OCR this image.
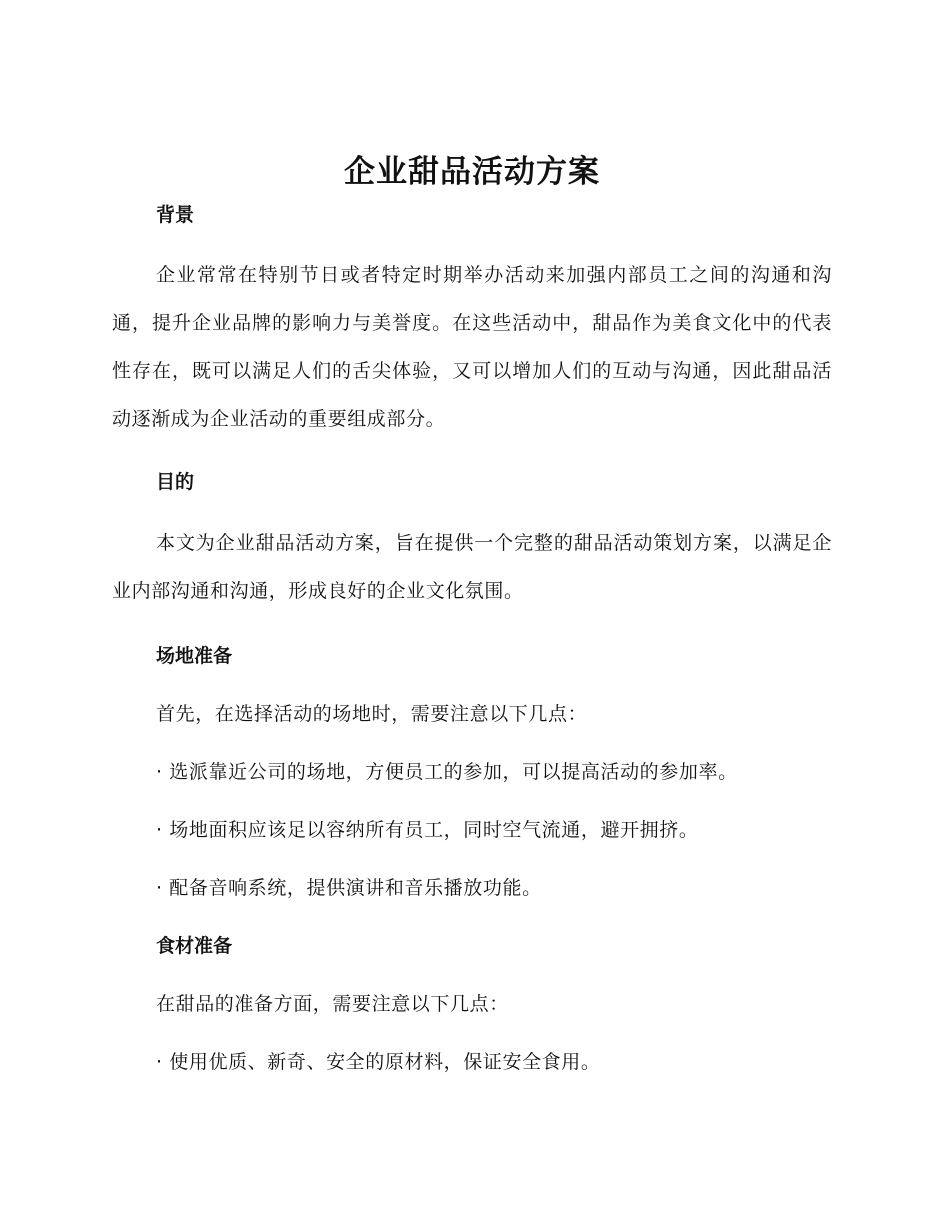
企业甜品活动方案
背景

企业常常在特别节日或者特定时期举办活动来加强内部员工之间的沟通和沟通，提升企业品牌的影响力与美誉度。在这些活动中，甜品作为美食文化中的代表性存在，既可以满足人们的舌尖体验，又可以增加人们的互动与沟通，因此甜品活动逐渐成为企业活动的重要组成部分。

目的

本文为企业甜品活动方案，旨在提供一个完整的甜品活动策划方案，以满足企业内部沟通和沟通，形成良好的企业文化氛围。

场地准备

首先，在选择活动的场地时，需要注意以下几点：

· 选派靠近公司的场地，方便员工的参加，可以提高活动的参加率。

· 场地面积应该足以容纳所有员工，同时空气流通，避开拥挤。

· 配备音响系统，提供演讲和音乐播放功能。

食材准备

在甜品的准备方面，需要注意以下几点：

· 使用优质、新奇、安全的原材料，保证安全食用。
